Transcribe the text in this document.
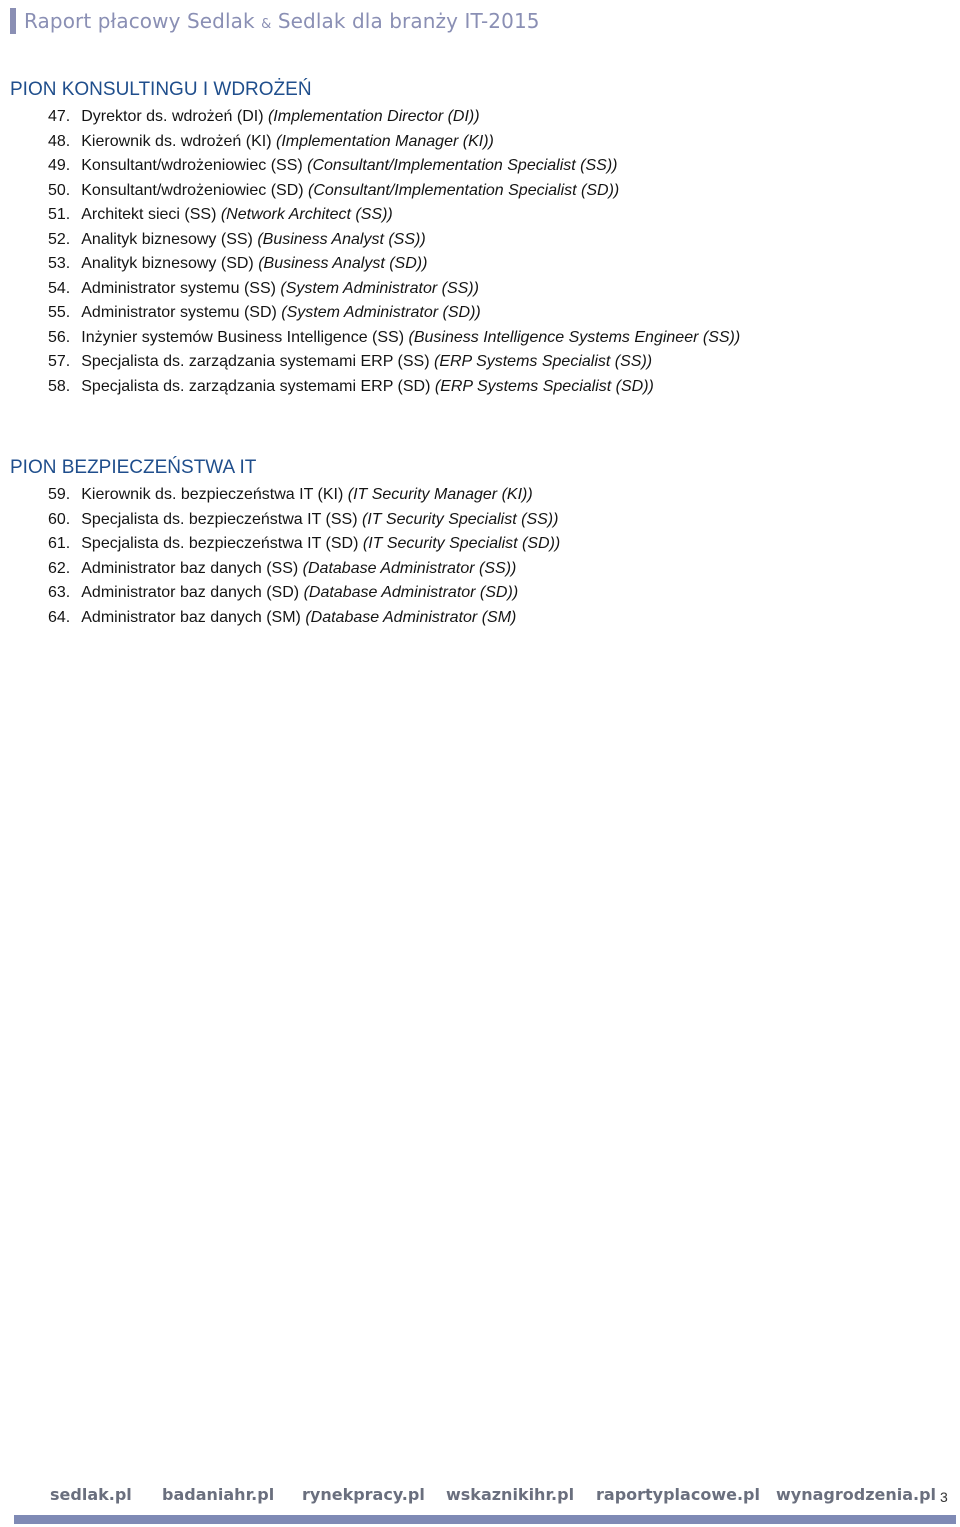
Raport płacowy Sedlak & Sedlak dla branży IT-2015
PION KONSULTINGU I WDROŻEŃ
47. Dyrektor ds. wdrożeń (DI) (Implementation Director (DI))
48. Kierownik ds. wdrożeń (KI) (Implementation Manager (KI))
49. Konsultant/wdrożeniowiec (SS) (Consultant/Implementation Specialist (SS))
50. Konsultant/wdrożeniowiec (SD) (Consultant/Implementation Specialist (SD))
51. Architekt sieci (SS) (Network Architect (SS))
52. Analityk biznesowy (SS) (Business Analyst (SS))
53. Analityk biznesowy (SD) (Business Analyst (SD))
54. Administrator systemu (SS) (System Administrator (SS))
55. Administrator systemu (SD) (System Administrator (SD))
56. Inżynier systemów Business Intelligence (SS) (Business Intelligence Systems Engineer (SS))
57. Specjalista ds. zarządzania systemami ERP (SS) (ERP Systems Specialist (SS))
58. Specjalista ds. zarządzania systemami ERP (SD) (ERP Systems Specialist (SD))
PION BEZPIECZEŃSTWA IT
59. Kierownik ds. bezpieczeństwa IT (KI) (IT Security Manager (KI))
60. Specjalista ds. bezpieczeństwa IT (SS) (IT Security Specialist (SS))
61. Specjalista ds. bezpieczeństwa IT (SD) (IT Security Specialist (SD))
62. Administrator baz danych (SS) (Database Administrator (SS))
63. Administrator baz danych (SD) (Database Administrator (SD))
64. Administrator baz danych (SM) (Database Administrator (SM)
sedlak.pl badaniahr.pl rynekpracy.pl wskaznikihr.pl raportyplacowe.pl wynagrodzenia.pl 3
